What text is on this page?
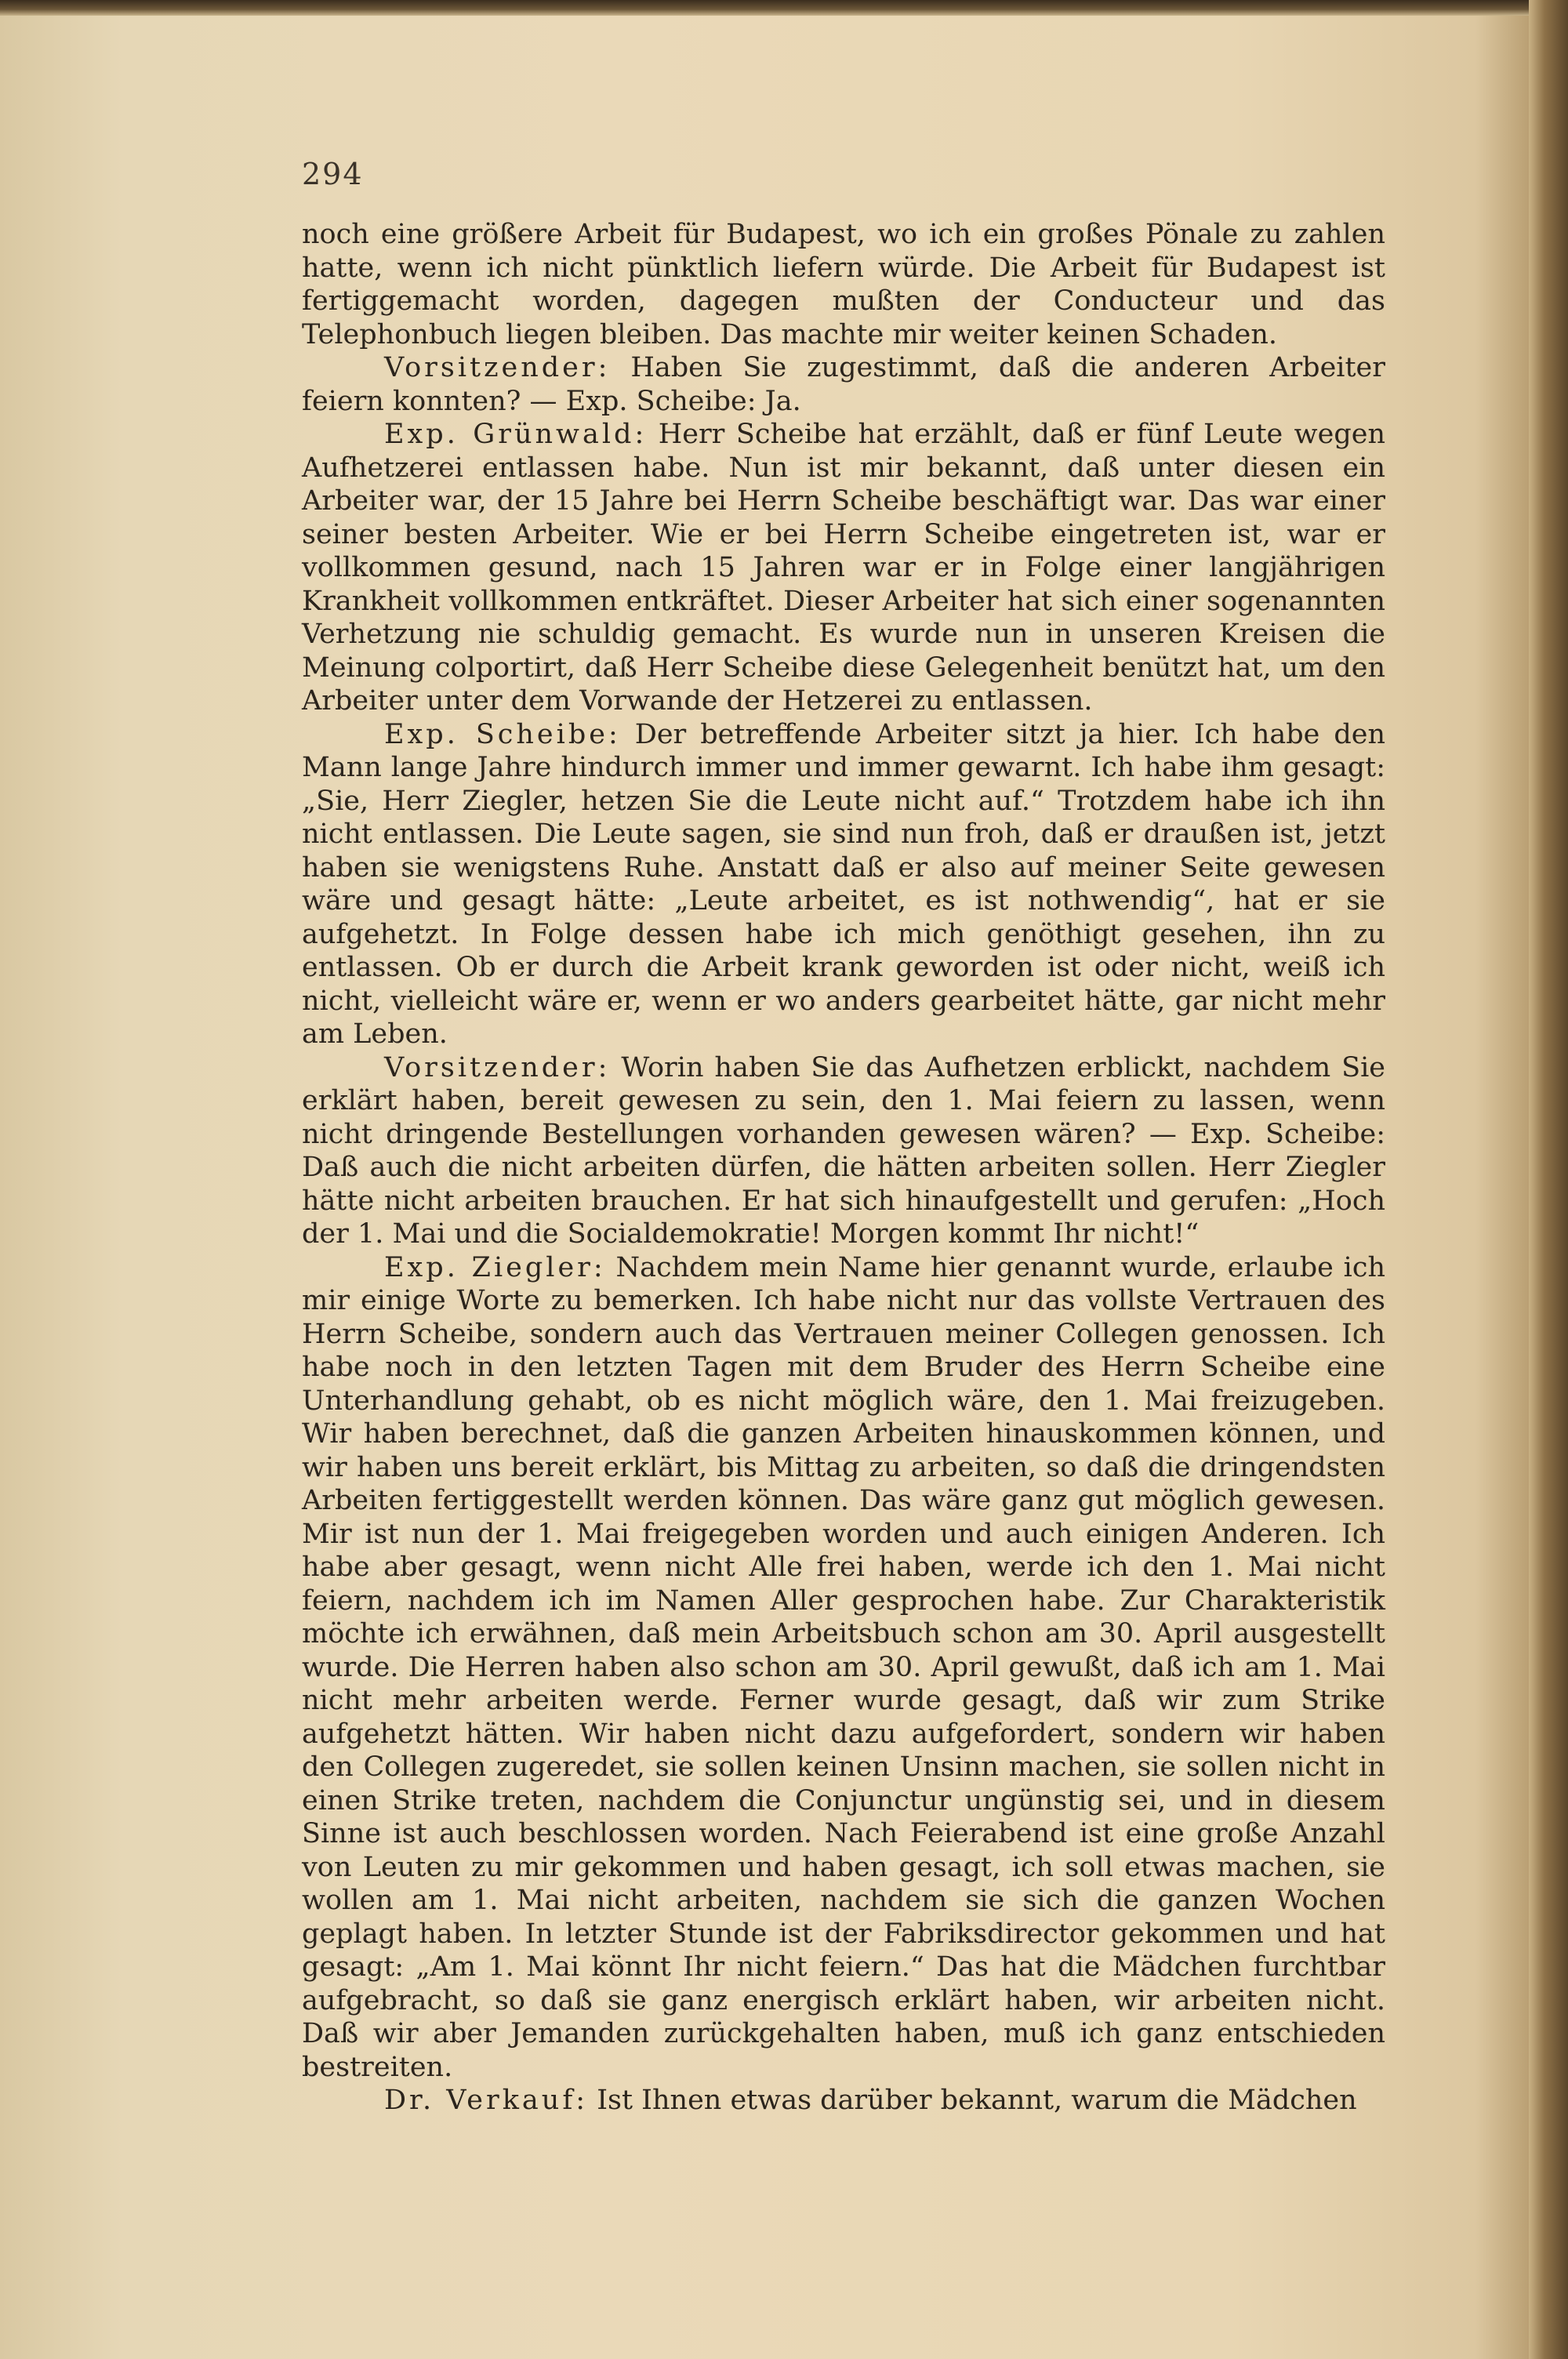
294

noch eine größere Arbeit für Budapest, wo ich ein großes Pönale zu zahlen hatte, wenn ich nicht pünktlich liefern würde. Die Arbeit für Budapest ist fertiggemacht worden, dagegen mußten der Conducteur und das Telephonbuch liegen bleiben. Das machte mir weiter keinen Schaden.

Vorsitzender: Haben Sie zugestimmt, daß die anderen Arbeiter feiern konnten? — Exp. Scheibe: Ja.

Exp. Grünwald: Herr Scheibe hat erzählt, daß er fünf Leute wegen Aufhetzerei entlassen habe. Nun ist mir bekannt, daß unter diesen ein Arbeiter war, der 15 Jahre bei Herrn Scheibe beschäftigt war. Das war einer seiner besten Arbeiter. Wie er bei Herrn Scheibe eingetreten ist, war er vollkommen gesund, nach 15 Jahren war er in Folge einer langjährigen Krankheit vollkommen entkräftet. Dieser Arbeiter hat sich einer sogenannten Verhetzung nie schuldig gemacht. Es wurde nun in unseren Kreisen die Meinung colportirt, daß Herr Scheibe diese Gelegenheit benützt hat, um den Arbeiter unter dem Vorwande der Hetzerei zu entlassen.

Exp. Scheibe: Der betreffende Arbeiter sitzt ja hier. Ich habe den Mann lange Jahre hindurch immer und immer gewarnt. Ich habe ihm gesagt: „Sie, Herr Ziegler, hetzen Sie die Leute nicht auf.“ Trotzdem habe ich ihn nicht entlassen. Die Leute sagen, sie sind nun froh, daß er draußen ist, jetzt haben sie wenigstens Ruhe. Anstatt daß er also auf meiner Seite gewesen wäre und gesagt hätte: „Leute arbeitet, es ist nothwendig“, hat er sie aufgehetzt. In Folge dessen habe ich mich genöthigt gesehen, ihn zu entlassen. Ob er durch die Arbeit krank geworden ist oder nicht, weiß ich nicht, vielleicht wäre er, wenn er wo anders gearbeitet hätte, gar nicht mehr am Leben.

Vorsitzender: Worin haben Sie das Aufhetzen erblickt, nachdem Sie erklärt haben, bereit gewesen zu sein, den 1. Mai feiern zu lassen, wenn nicht dringende Bestellungen vorhanden gewesen wären? — Exp. Scheibe: Daß auch die nicht arbeiten dürfen, die hätten arbeiten sollen. Herr Ziegler hätte nicht arbeiten brauchen. Er hat sich hinaufgestellt und gerufen: „Hoch der 1. Mai und die Socialdemokratie! Morgen kommt Ihr nicht!“

Exp. Ziegler: Nachdem mein Name hier genannt wurde, erlaube ich mir einige Worte zu bemerken. Ich habe nicht nur das vollste Vertrauen des Herrn Scheibe, sondern auch das Vertrauen meiner Collegen genossen. Ich habe noch in den letzten Tagen mit dem Bruder des Herrn Scheibe eine Unterhandlung gehabt, ob es nicht möglich wäre, den 1. Mai freizugeben. Wir haben berechnet, daß die ganzen Arbeiten hinauskommen können, und wir haben uns bereit erklärt, bis Mittag zu arbeiten, so daß die dringendsten Arbeiten fertiggestellt werden können. Das wäre ganz gut möglich gewesen. Mir ist nun der 1. Mai freigegeben worden und auch einigen Anderen. Ich habe aber gesagt, wenn nicht Alle frei haben, werde ich den 1. Mai nicht feiern, nachdem ich im Namen Aller gesprochen habe. Zur Charakteristik möchte ich erwähnen, daß mein Arbeitsbuch schon am 30. April ausgestellt wurde. Die Herren haben also schon am 30. April gewußt, daß ich am 1. Mai nicht mehr arbeiten werde. Ferner wurde gesagt, daß wir zum Strike aufgehetzt hätten. Wir haben nicht dazu aufgefordert, sondern wir haben den Collegen zugeredet, sie sollen keinen Unsinn machen, sie sollen nicht in einen Strike treten, nachdem die Conjunctur ungünstig sei, und in diesem Sinne ist auch beschlossen worden. Nach Feierabend ist eine große Anzahl von Leuten zu mir gekommen und haben gesagt, ich soll etwas machen, sie wollen am 1. Mai nicht arbeiten, nachdem sie sich die ganzen Wochen geplagt haben. In letzter Stunde ist der Fabriksdirector gekommen und hat gesagt: „Am 1. Mai könnt Ihr nicht feiern.“ Das hat die Mädchen furchtbar aufgebracht, so daß sie ganz energisch erklärt haben, wir arbeiten nicht. Daß wir aber Jemanden zurückgehalten haben, muß ich ganz entschieden bestreiten.

Dr. Verkauf: Ist Ihnen etwas darüber bekannt, warum die Mädchen
